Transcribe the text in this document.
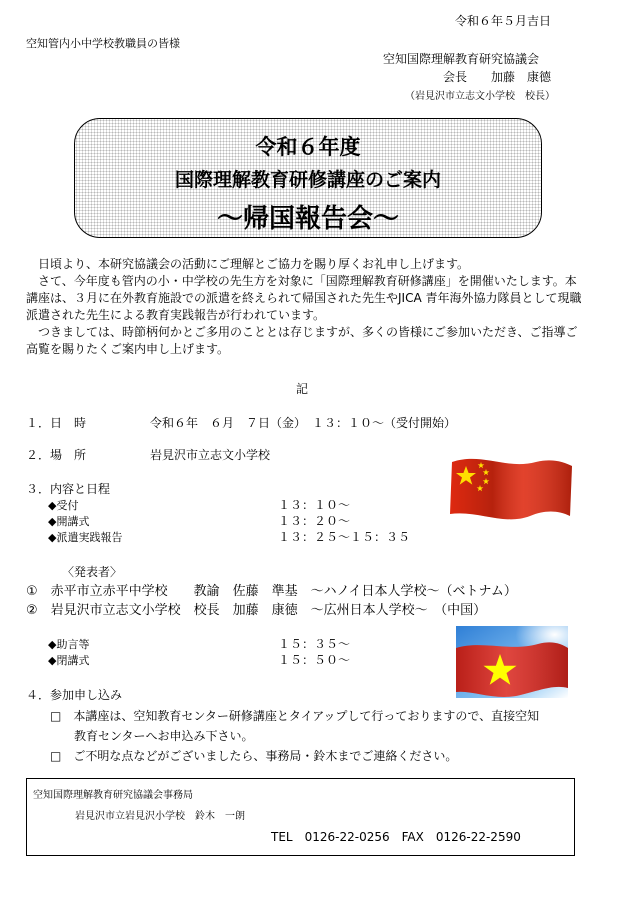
令和６年５月吉日
空知管内小中学校教職員の皆様
空知国際理解教育研究協議会
会長　　加藤　康德
（岩見沢市立志文小学校　校長）
令和６年度
国際理解教育研修講座のご案内
～帰国報告会～

日頃より、本研究協議会の活動にご理解とご協力を賜り厚くお礼申し上げます。

さて、今年度も管内の小・中学校の先生方を対象に「国際理解教育研修講座」を開催いたします。本講座は、３月に在外教育施設での派遣を終えられて帰国された先生やJICA 青年海外協力隊員として現職派遣された先生による教育実践報告が行われています。

つきましては、時節柄何かとご多用のこととは存じますが、多くの皆様にご参加いただき、ご指導ご高覧を賜りたくご案内申し上げます。

記
１．日　時	令和６年　６月　７日（金）　１３：１０～（受付開始）
２．場　所	岩見沢市立志文小学校
３．内容と日程
◆受付	１３：１０～
◆開講式	１３：２０～
◆派遣実践報告	１３：２５～１５：３５
〈発表者〉
①　赤平市立赤平中学校　　教諭　佐藤　準基　～ハノイ日本人学校～（ベトナム）
②　岩見沢市立志文小学校　校長　加藤　康徳　～広州日本人学校～　（中国）
◆助言等	１５：３５～
◆閉講式	１５：５０～
４．参加申し込み
□　本講座は、空知教育センター研修講座とタイアップして行っておりますので、直接空知
教育センターへお申込み下さい。
□　ご不明な点などがございましたら、事務局・鈴木までご連絡ください。
空知国際理解教育研究協議会事務局
岩見沢市立岩見沢小学校　鈴木　一朗
TEL　0126-22-0256　FAX　0126-22-2590
